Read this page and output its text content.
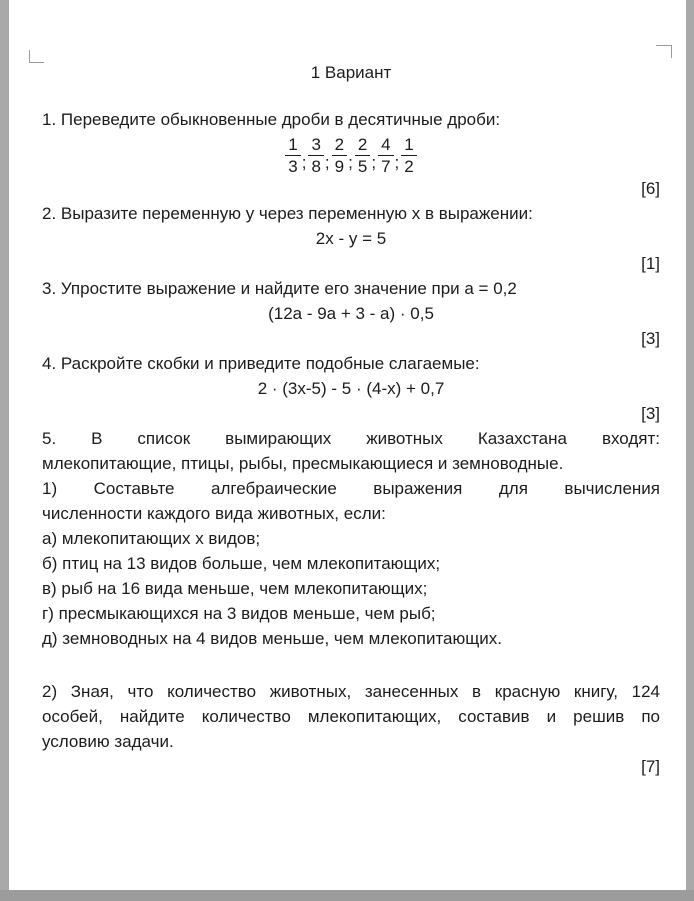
1 Вариант
1. Переведите обыкновенные дроби в десятичные дроби:
$\frac{1}{3}$ ; $\frac{3}{8}$ ; $\frac{2}{9}$ ; $\frac{2}{5}$ ; $\frac{4}{7}$ ; $\frac{1}{2}$
[6]
2. Выразите переменную у через переменную х в выражении:
2x - y = 5
[1]
3. Упростите выражение и найдите его значение при а = 0,2
(12a - 9a + 3 - a) · 0,5
[3]
4. Раскройте скобки и приведите подобные слагаемые:
2 · (3x-5) - 5 · (4-x) + 0,7
[3]
5. В список вымирающих животных Казахстана входят:
млекопитающие, птицы, рыбы, пресмыкающиеся и земноводные.
1) Составьте алгебраические выражения для вычисления
численности каждого вида животных, если:
а) млекопитающих х видов;
б) птиц на 13 видов больше, чем млекопитающих;
в) рыб на 16 вида меньше, чем млекопитающих;
г) пресмыкающихся на 3 видов меньше, чем рыб;
д) земноводных на 4 видов меньше, чем млекопитающих.
2) Зная, что количество животных, занесенных в красную книгу, 124
особей, найдите количество млекопитающих, составив и решив по
условию задачи.
[7]
